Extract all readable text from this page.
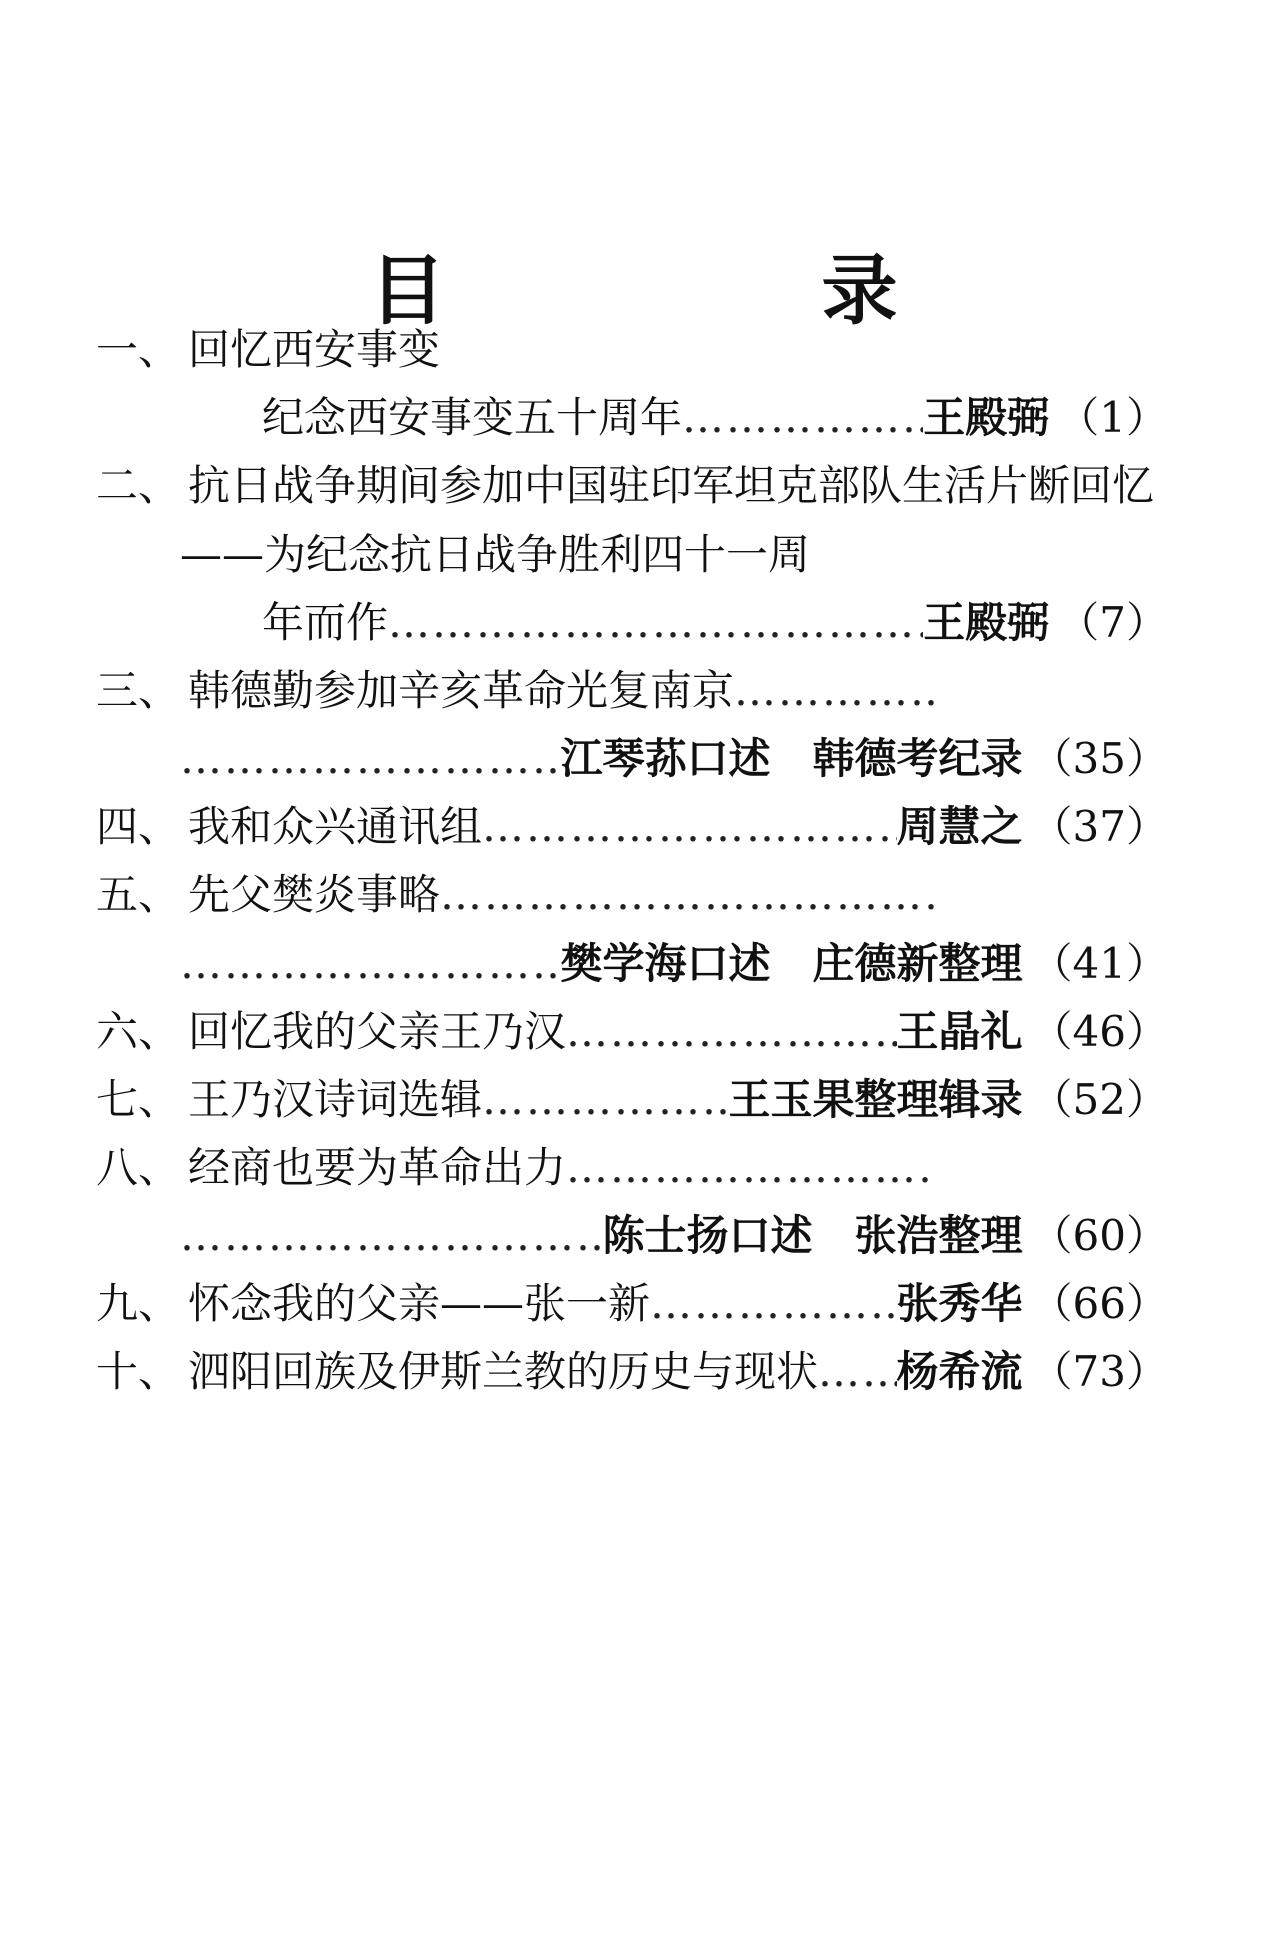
目　录
一、 回忆西安事变
纪念西安事变五十周年 ……………………………………………………………………………………………………………………	王殿弼 （1）
二、 抗日战争期间参加中国驻印军坦克部队生活片断回忆
——为纪念抗日战争胜利四十一周
年而作 ……………………………………………………………………………………………………………………	王殿弼 （7）
三、 韩德勤参加辛亥革命光复南京
……………………………………………………………………………………………………………………
……………………………………………………………………………………………………………………
江琴荪口述　韩德考纪录 （35）
四、 我和众兴通讯组 ……………………………………………………………………………………………………………………	周慧之 （37）
五、 先父樊炎事略
……………………………………………………………………………………………………………………
……………………………………………………………………………………………………………………
樊学海口述　庄德新整理 （41）
六、 回忆我的父亲王乃汉 ……………………………………………………………………………………………………………………	王晶礼 （46）
七、 王乃汉诗词选辑 ……………………………………………………………………………………………………………………	王玉果整理辑录 （52）
八、 经商也要为革命出力
……………………………………………………………………………………………………………………
……………………………………………………………………………………………………………………
陈士扬口述　张浩整理 （60）
九、 怀念我的父亲——张一新 ……………………………………………………………………………………………………………………	张秀华 （66）
十、 泗阳回族及伊斯兰教的历史与现状 …………………………………………………………………………………………………………………… 杨希流 （73）
